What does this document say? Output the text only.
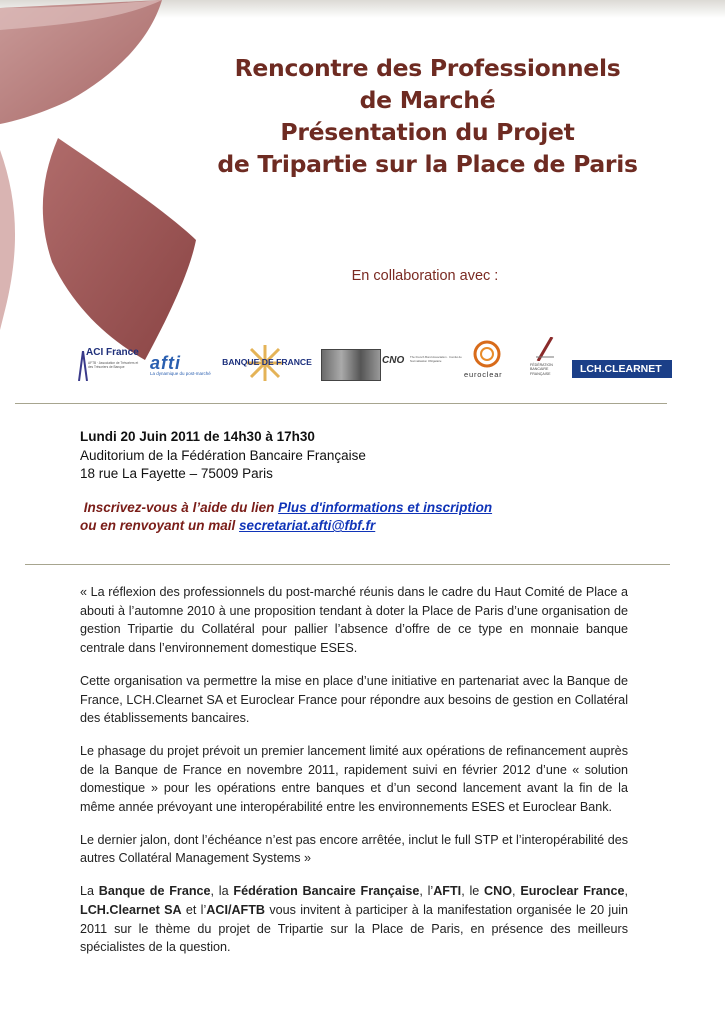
Rencontre des Professionnels
de Marché
Présentation du Projet
de Tripartie sur la Place de Paris
En collaboration avec :
ACI France
AFTB · Association de Trésoriers et des Trésoriers de Banque	afti
La dynamique du post-marché
BANQUE DE FRANCE	CNO	The French Bond Association · Comité de Normalisation Obligataire
euroclear
FÉDÉRATION BANCAIRE FRANÇAISE	LCH.CLEARNET
Lundi 20 Juin 2011 de 14h30 à 17h30
Auditorium de la Fédération Bancaire Française
18 rue La Fayette – 75009 Paris
Inscrivez-vous à l’aide du lien Plus d'informations et inscription
ou en renvoyant un mail secretariat.afti@fbf.fr

« La réflexion des professionnels du post-marché réunis dans le cadre du Haut Comité de Place a abouti à l’automne 2010 à une proposition tendant à doter la Place de Paris d’une organisation de gestion Tripartie du Collatéral pour pallier l’absence d’offre de ce type en monnaie banque centrale dans l’environnement domestique ESES.

Cette organisation va permettre la mise en place d’une initiative en partenariat avec la Banque de France, LCH.Clearnet SA et Euroclear France pour répondre aux besoins de gestion en Collatéral des établissements bancaires.

Le phasage du projet prévoit un premier lancement limité aux opérations de refinancement auprès de la Banque de France en novembre 2011, rapidement suivi en février 2012 d’une « solution domestique » pour les opérations entre banques et d’un second lancement avant la fin de la même année prévoyant une interopérabilité entre les environnements ESES et Euroclear Bank.

Le dernier jalon, dont l’échéance n’est pas encore arrêtée, inclut le full STP et l’interopérabilité des autres Collatéral Management Systems »

La Banque de France, la Fédération Bancaire Française, l’AFTI, le CNO, Euroclear France, LCH.Clearnet SA et l’ACI/AFTB vous invitent à participer à la manifestation organisée le 20 juin 2011 sur le thème du projet de Tripartie sur la Place de Paris, en présence des meilleurs spécialistes de la question.
